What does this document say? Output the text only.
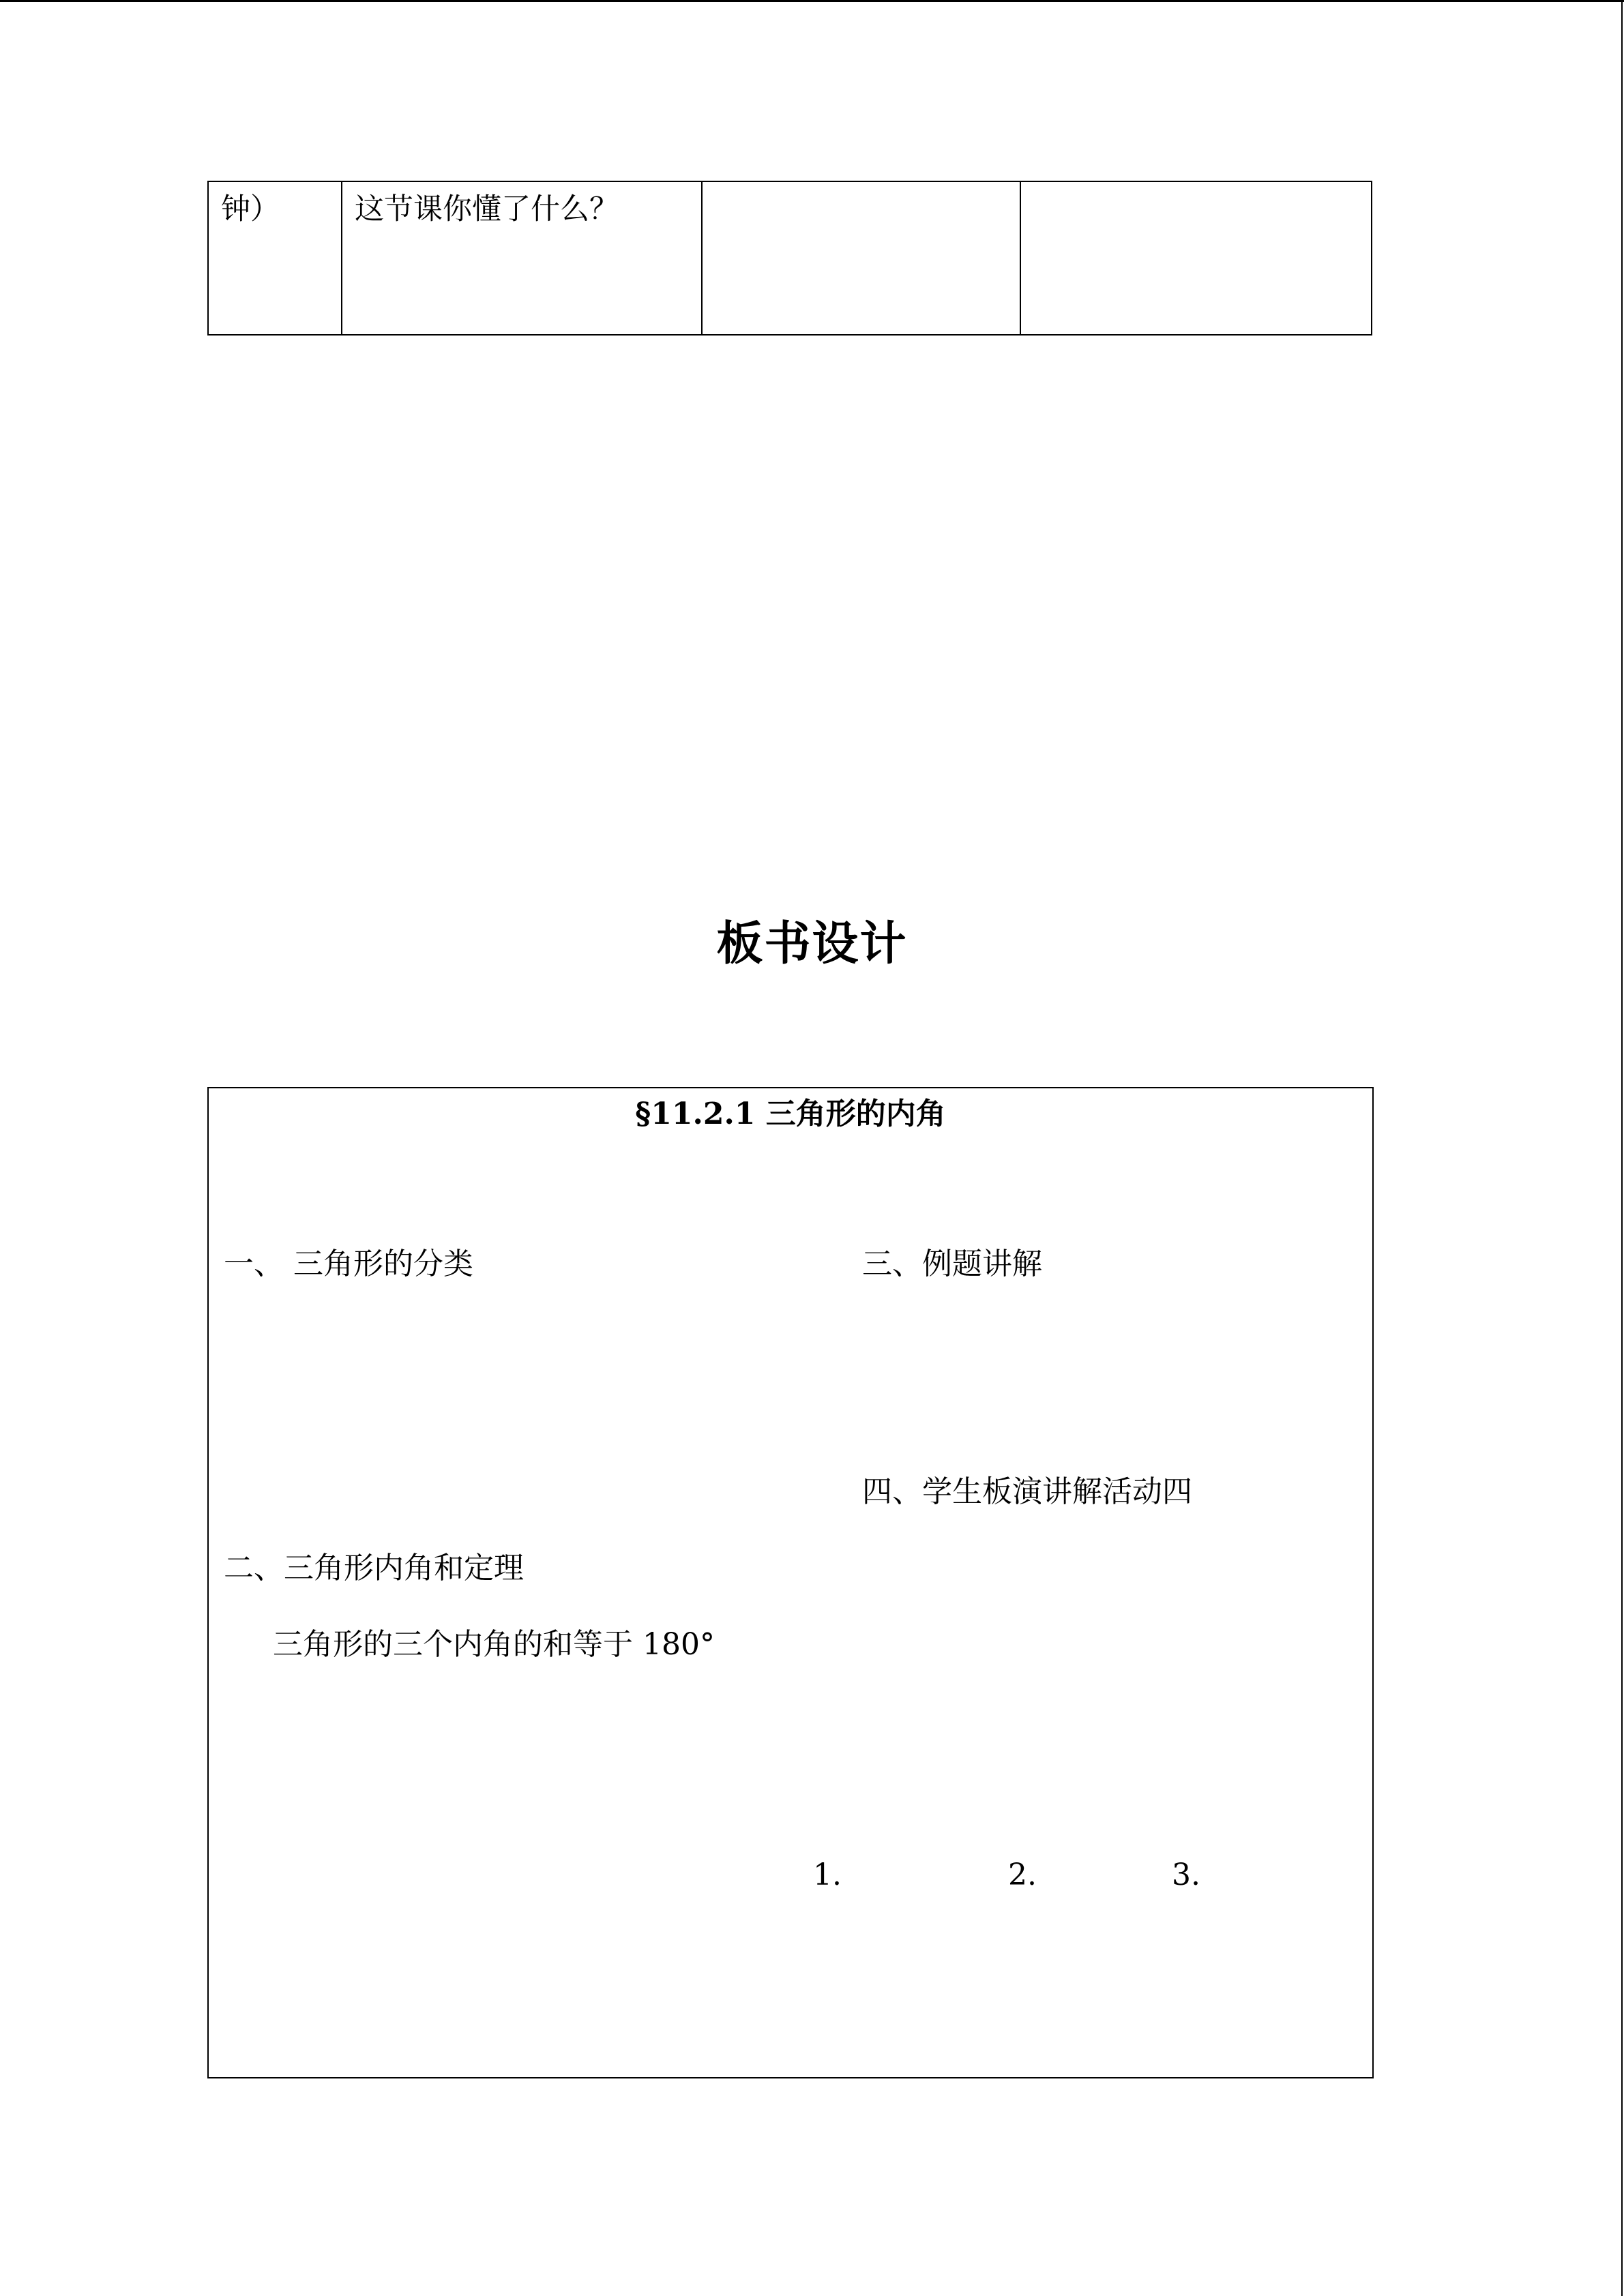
钟）	这节课你懂了什么？		
板书设计
§11.2.1 三角形的内角
一、 三角形的分类
二、三角形内角和定理
三角形的三个内角的和等于 180°
三、例题讲解
四、学生板演讲解活动四
1.	2.	3.
